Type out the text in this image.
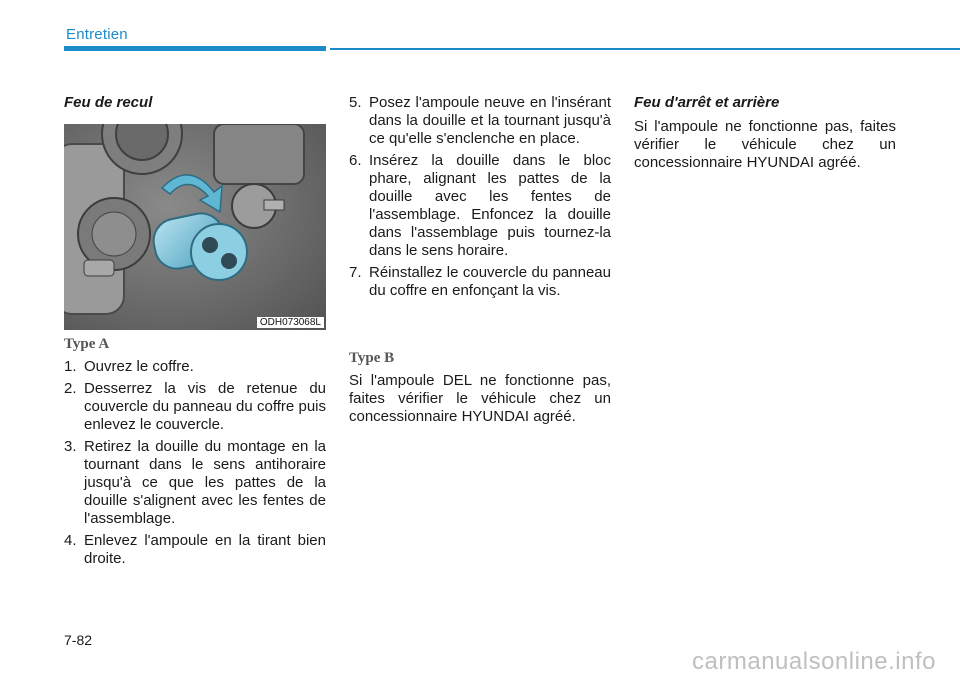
Entretien
Feu de recul
ODH073068L
Type A
1. Ouvrez le coffre.
2. Desserrez la vis de retenue du couvercle du panneau du coffre puis enlevez le couvercle.
3. Retirez la douille du montage en la tournant dans le sens antihoraire jusqu'à ce que les pattes de la douille s'alignent avec les fentes de l'assemblage.
4. Enlevez l'ampoule en la tirant bien droite.
5. Posez l'ampoule neuve en l'insérant dans la douille et la tournant jusqu'à ce qu'elle s'enclenche en place.
6. Insérez la douille dans le bloc phare, alignant les pattes de la douille avec les fentes de l'assemblage. Enfoncez la douille dans l'assemblage puis tournez-la dans le sens horaire.
7. Réinstallez le couvercle du panneau du coffre en enfonçant la vis.
Type B
Si l'ampoule DEL ne fonctionne pas, faites vérifier le véhicule chez un concessionnaire HYUNDAI agréé.
Feu d'arrêt et arrière
Si l'ampoule ne fonctionne pas, faites vérifier le véhicule chez un concessionnaire HYUNDAI agréé.
7-82
carmanualsonline.info
